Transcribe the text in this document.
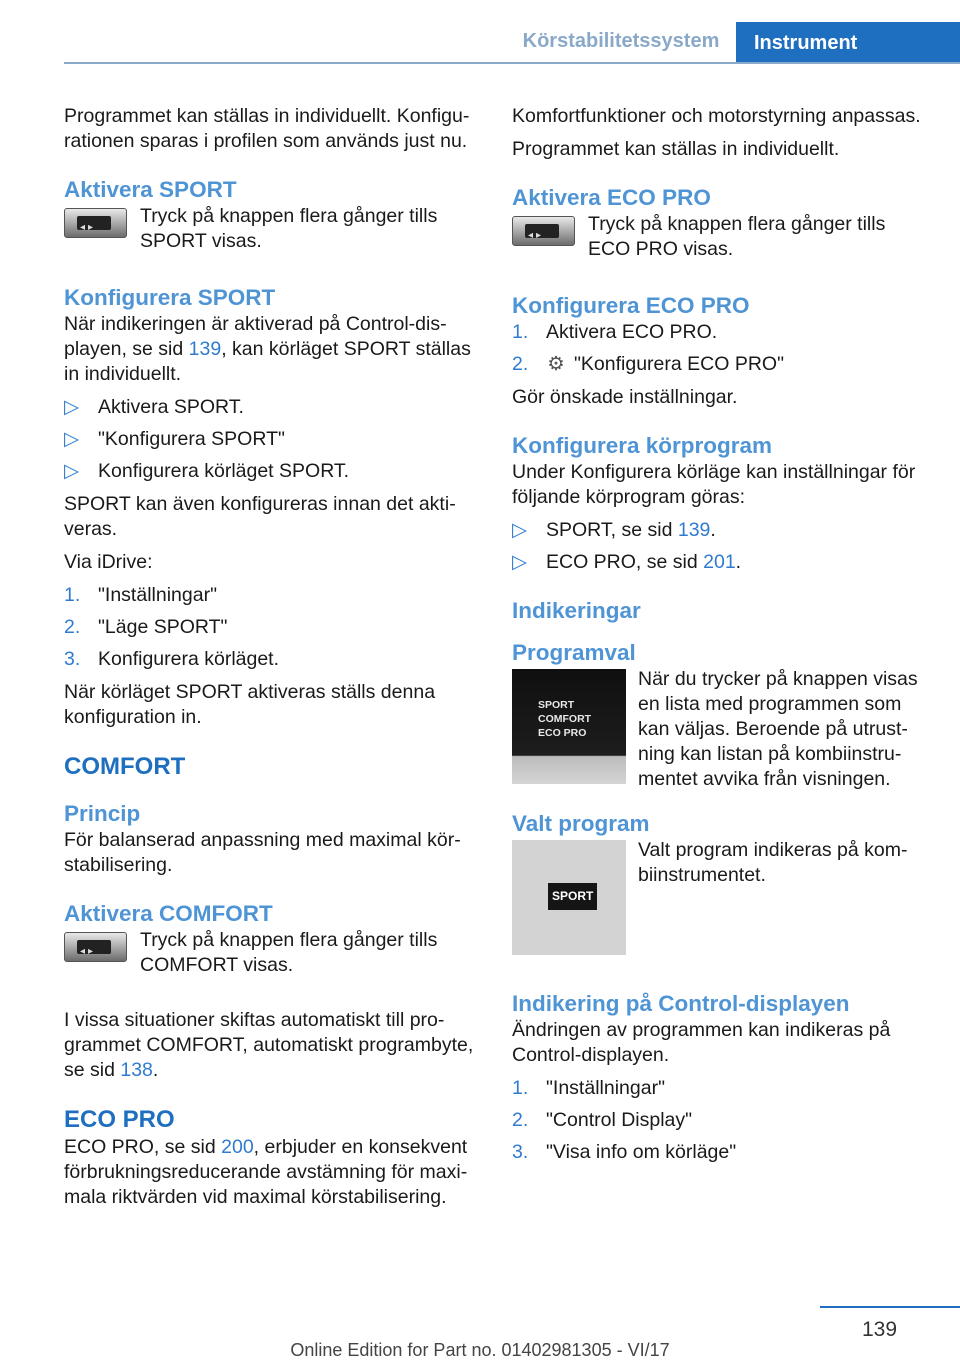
Körstabilitetssystem	Instrument

Programmet kan ställas in individuellt. Konfigurationen sparas i profilen som används just nu.

Aktivera SPORT
◂▸
Tryck på knappen flera gånger tills SPORT visas.
Konfigurera SPORT

När indikeringen är aktiverad på Control-displayen, se sid 139, kan körläget SPORT ställas in individuellt.

▷ Aktivera SPORT.
▷ "Konfigurera SPORT"
▷ Konfigurera körläget SPORT.

SPORT kan även konfigureras innan det aktiveras.

Via iDrive:

1. "Inställningar"
2. "Läge SPORT"
3. Konfigurera körläget.

När körläget SPORT aktiveras ställs denna konfiguration in.

COMFORT
Princip

För balanserad anpassning med maximal körstabilisering.

Aktivera COMFORT
◂▸
Tryck på knappen flera gånger tills COMFORT visas.

I vissa situationer skiftas automatiskt till programmet COMFORT, automatiskt programbyte, se sid 138.

ECO PRO

ECO PRO, se sid 200, erbjuder en konsekvent förbrukningsreducerande avstämning för maximala riktvärden vid maximal körstabilisering.

Komfortfunktioner och motorstyrning anpassas.

Programmet kan ställas in individuellt.

Aktivera ECO PRO
◂▸
Tryck på knappen flera gånger tills ECO PRO visas.
Konfigurera ECO PRO
1. Aktivera ECO PRO.
2. ⚙ "Konfigurera ECO PRO"

Gör önskade inställningar.

Konfigurera körprogram

Under Konfigurera körläge kan inställningar för följande körprogram göras:

▷ SPORT, se sid 139.
▷ ECO PRO, se sid 201.
Indikeringar
Programval
SPORT
COMFORT
ECO PRO
När du trycker på knappen visas en lista med programmen som kan väljas. Beroende på utrustning kan listan på kombiinstrumentet avvika från visningen.
Valt program
SPORT
Valt program indikeras på kombiinstrumentet.
Indikering på Control-displayen

Ändringen av programmen kan indikeras på Control-displayen.

1. "Inställningar"
2. "Control Display"
3. "Visa info om körläge"
139
Online Edition for Part no. 01402981305 - VI/17
